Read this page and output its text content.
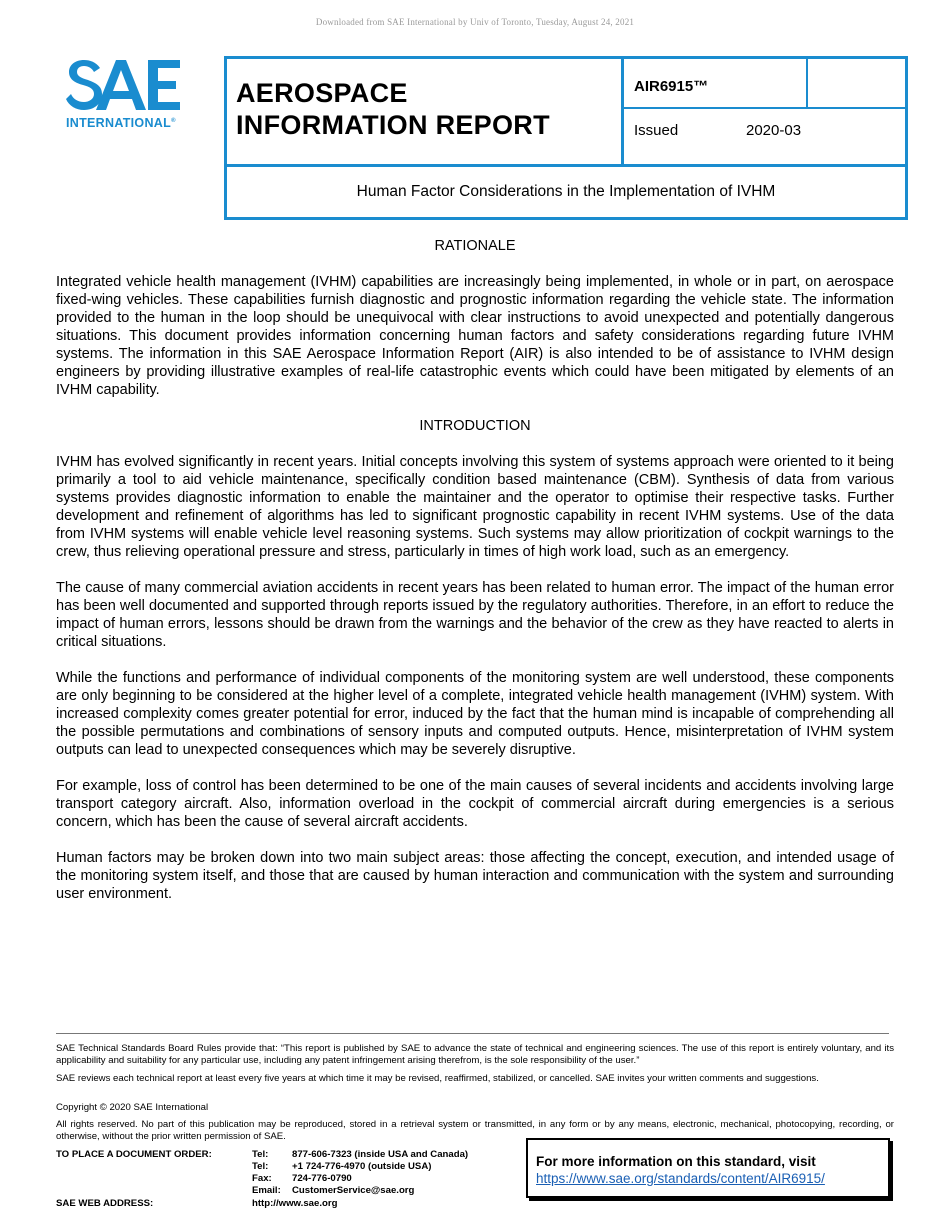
Downloaded from SAE International by Univ of Toronto, Tuesday, August 24, 2021
INTERNATIONAL®
AEROSPACE
INFORMATION REPORT
AIR6915™
Issued	2020-03
Human Factor Considerations in the Implementation of IVHM

RATIONALE

Integrated vehicle health management (IVHM) capabilities are increasingly being implemented, in whole or in part, on aerospace fixed-wing vehicles. These capabilities furnish diagnostic and prognostic information regarding the vehicle state. The information provided to the human in the loop should be unequivocal with clear instructions to avoid unexpected and potentially dangerous situations. This document provides information concerning human factors and safety considerations regarding future IVHM systems. The information in this SAE Aerospace Information Report (AIR) is also intended to be of assistance to IVHM design engineers by providing illustrative examples of real-life catastrophic events which could have been mitigated by elements of an IVHM capability.

INTRODUCTION

IVHM has evolved significantly in recent years. Initial concepts involving this system of systems approach were oriented to it being primarily a tool to aid vehicle maintenance, specifically condition based maintenance (CBM). Synthesis of data from various systems provides diagnostic information to enable the maintainer and the operator to optimise their respective tasks. Further development and refinement of algorithms has led to significant prognostic capability in recent IVHM systems. Use of the data from IVHM systems will enable vehicle level reasoning systems. Such systems may allow prioritization of cockpit warnings to the crew, thus relieving operational pressure and stress, particularly in times of high work load, such as an emergency.

The cause of many commercial aviation accidents in recent years has been related to human error. The impact of the human error has been well documented and supported through reports issued by the regulatory authorities. Therefore, in an effort to reduce the impact of human errors, lessons should be drawn from the warnings and the behavior of the crew as they have reacted to alerts in critical situations.

While the functions and performance of individual components of the monitoring system are well understood, these components are only beginning to be considered at the higher level of a complete, integrated vehicle health management (IVHM) system. With increased complexity comes greater potential for error, induced by the fact that the human mind is incapable of comprehending all the possible permutations and combinations of sensory inputs and computed outputs. Hence, misinterpretation of IVHM system outputs can lead to unexpected consequences which may be severely disruptive.

For example, loss of control has been determined to be one of the main causes of several incidents and accidents involving large transport category aircraft. Also, information overload in the cockpit of commercial aircraft during emergencies is a serious concern, which has been the cause of several aircraft accidents.

Human factors may be broken down into two main subject areas: those affecting the concept, execution, and intended usage of the monitoring system itself, and those that are caused by human interaction and communication with the system and surrounding user environment.

SAE Technical Standards Board Rules provide that: “This report is published by SAE to advance the state of technical and engineering sciences. The use of this report is entirely voluntary, and its applicability and suitability for any particular use, including any patent infringement arising therefrom, is the sole responsibility of the user.”

SAE reviews each technical report at least every five years at which time it may be revised, reaffirmed, stabilized, or cancelled. SAE invites your written comments and suggestions.

Copyright © 2020 SAE International

All rights reserved. No part of this publication may be reproduced, stored in a retrieval system or transmitted, in any form or by any means, electronic, mechanical, photocopying, recording, or otherwise, without the prior written permission of SAE.

TO PLACE A DOCUMENT ORDER:	Tel: 877-606-7323 (inside USA and Canada)
Tel: +1 724-776-4970 (outside USA)
Fax: 724-776-0790
Email: CustomerService@sae.org
SAE WEB ADDRESS:	http://www.sae.org
For more information on this standard, visit
https://www.sae.org/standards/content/AIR6915/
